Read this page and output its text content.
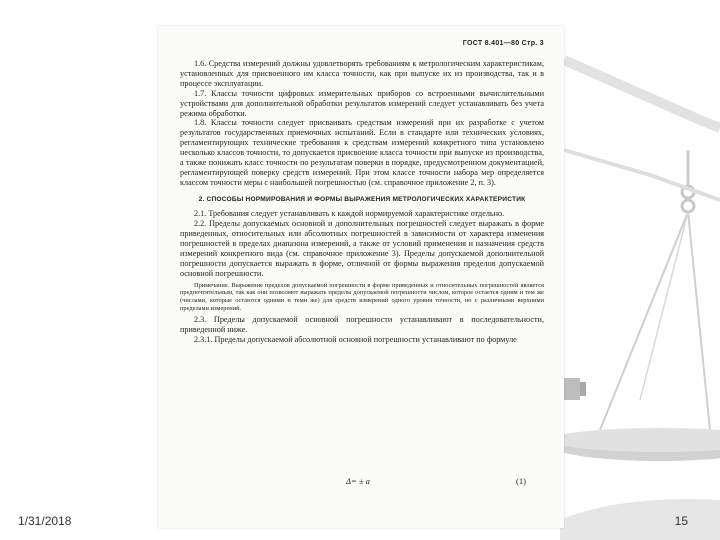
ГОСТ 8.401—80 Стр. 3

1.6. Средства измерений должны удовлетворять требованиям к метрологическим характеристикам, установленных для присвоенного им класса точности, как при выпуске их из производства, так и в процессе эксплуатации.

1.7. Классы точности цифровых измерительных приборов со встроенными вычислительными устройствами для дополнительной обработки результатов измерений следует устанавливать без учета режима обработки.

1.8. Классы точности следует присваивать средствам измерений при их разработке с учетом результатов государственных приемочных испытаний. Если в стандарте или технических условиях, регламентирующих технические требования к средствам измерений конкретного типа установлено несколько классов точности, то допускается присвоение класса точности при выпуске из производства, а также понижать класс точности по результатам поверки в порядке, предусмотренном документацией, регламентирующей поверку средств измерений. При этом классе точности набора мер определяется классом точности меры с наибольшей погрешностью (см. справочное приложение 2, п. 3).

2. СПОСОБЫ НОРМИРОВАНИЯ И ФОРМЫ ВЫРАЖЕНИЯ МЕТРОЛОГИЧЕСКИХ ХАРАКТЕРИСТИК

2.1. Требования следует устанавливать к каждой нормируемой характеристике отдельно.

2.2. Пределы допускаемых основной и дополнительных погрешностей следует выражать в форме приведенных, относительных или абсолютных погрешностей в зависимости от характера изменения погрешностей в пределах диапазона измерений, а также от условий применения и назначения средств измерений конкретного вида (см. справочное приложение 3). Пределы допускаемой дополнительной погрешности допускается выражать в форме, отличной от формы выражения пределов допускаемой основной погрешности.

Примечание. Выражение пределов допускаемой погрешности в форме приведенных и относительных погрешностей является предпочтительным, так как они позволяют выражать пределы допускаемой погрешности числом, которое остается одним и тем же (числами, которые остаются одними и теми же) для средств измерений одного уровня точности, но с различными верхними пределами измерений.

2.3. Пределы допускаемой основной погрешности устанавливают в последовательности, приведенной ниже.

2.3.1. Пределы допускаемой абсолютной основной погрешности устанавливают по формуле

Δ= ± a	(1)
1/31/2018	15
